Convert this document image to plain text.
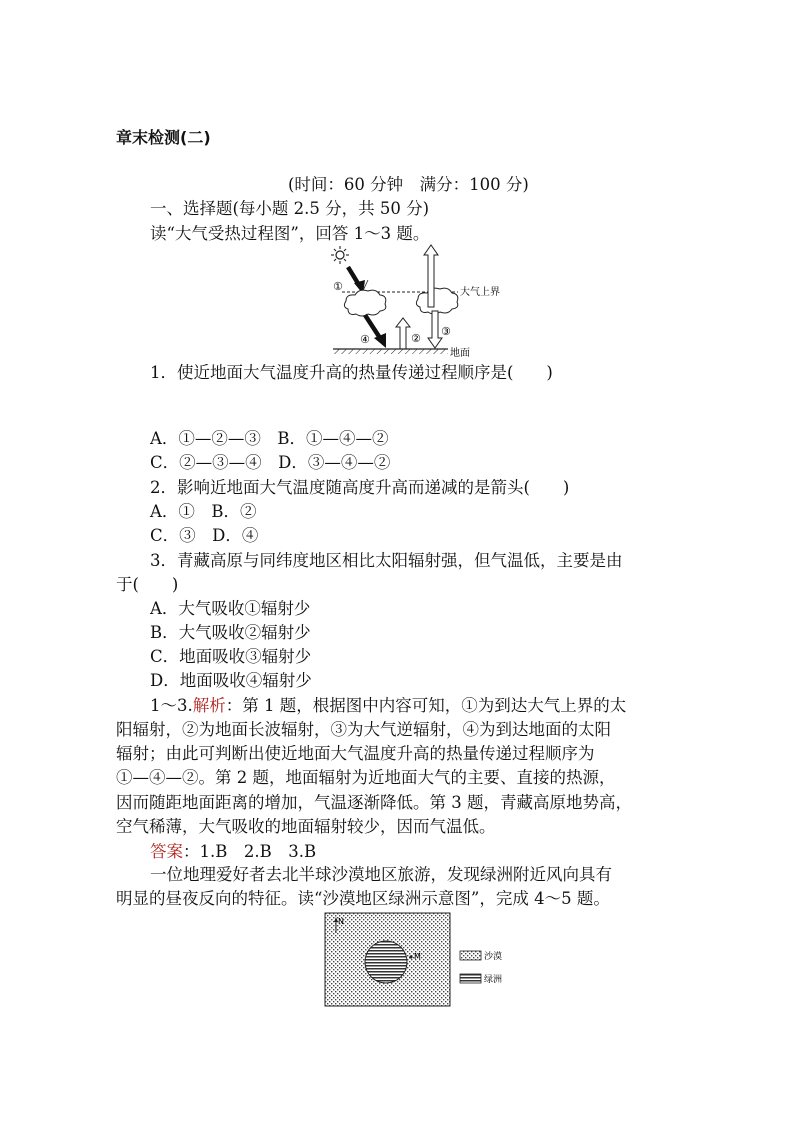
章末检测(二)
(时间：60 分钟　满分：100 分)
一、选择题(每小题 2.5 分，共 50 分)
读“大气受热过程图”，回答 1～3 题。
大气上界
①
④	②
③
地面
1．使近地面大气温度升高的热量传递过程顺序是(　　)
A．①—②—③　B．①—④—②
C．②—③—④　D．③—④—②
2．影响近地面大气温度随高度升高而递减的是箭头(　　)
A．①　B．②
C．③　D．④
3．青藏高原与同纬度地区相比太阳辐射强，但气温低，主要是由
于(　　)
A．大气吸收①辐射少
B．大气吸收②辐射少
C．地面吸收③辐射少
D．地面吸收④辐射少
1～3.解析：第 1 题，根据图中内容可知，①为到达大气上界的太
阳辐射，②为地面长波辐射，③为大气逆辐射，④为到达地面的太阳
辐射；由此可判断出使近地面大气温度升高的热量传递过程顺序为
①—④—②。第 2 题，地面辐射为近地面大气的主要、直接的热源，
因而随距地面距离的增加，气温逐渐降低。第 3 题，青藏高原地势高，
空气稀薄，大气吸收的地面辐射较少，因而气温低。
答案：1.B　2.B　3.B
一位地理爱好者去北半球沙漠地区旅游，发现绿洲附近风向具有
明显的昼夜反向的特征。读“沙漠地区绿洲示意图”，完成 4～5 题。
N
M	沙漠
绿洲
